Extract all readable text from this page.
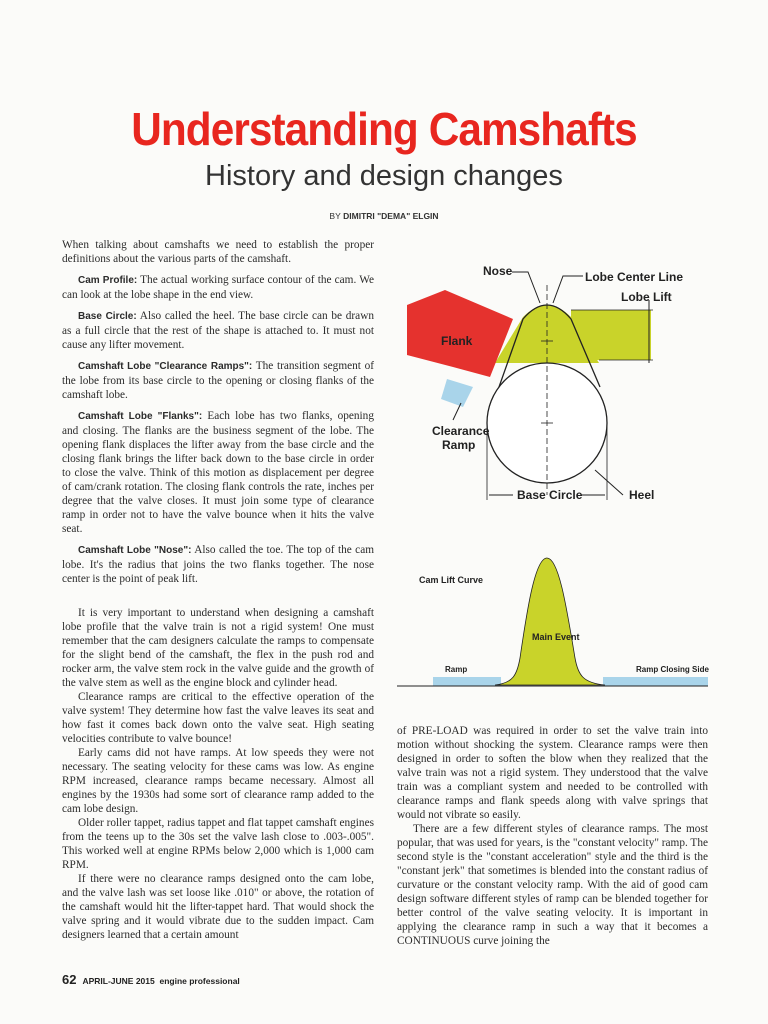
Understanding Camshafts
History and design changes
BY DIMITRI "DEMA" ELGIN

When talking about camshafts we need to establish the proper definitions about the various parts of the camshaft.

Cam Profile: The actual working surface contour of the cam. We can look at the lobe shape in the end view.

Base Circle: Also called the heel. The base circle can be drawn as a full circle that the rest of the shape is attached to. It must not cause any lifter movement.

Camshaft Lobe "Clearance Ramps": The transition segment of the lobe from its base circle to the opening or closing flanks of the camshaft lobe.

Camshaft Lobe "Flanks": Each lobe has two flanks, opening and closing. The flanks are the business segment of the lobe. The opening flank displaces the lifter away from the base circle and the closing flank brings the lifter back down to the base circle in order to close the valve. Think of this motion as displacement per degree of cam/crank rotation. The closing flank controls the rate, inches per degree that the valve closes. It must join some type of clearance ramp in order not to have the valve bounce when it hits the valve seat.

Camshaft Lobe "Nose": Also called the toe. The top of the cam lobe. It's the radius that joins the two flanks together. The nose center is the point of peak lift.

It is very important to understand when designing a camshaft lobe profile that the valve train is not a rigid system! One must remember that the cam designers calculate the ramps to compensate for the slight bend of the camshaft, the flex in the push rod and rocker arm, the valve stem rock in the valve guide and the growth of the valve stem as well as the engine block and cylinder head.

Clearance ramps are critical to the effective operation of the valve system! They determine how fast the valve leaves its seat and how fast it comes back down onto the valve seat. High seating velocities contribute to valve bounce!

Early cams did not have ramps. At low speeds they were not necessary. The seating velocity for these cams was low. As engine RPM increased, clearance ramps became necessary. Almost all engines by the 1930s had some sort of clearance ramp added to the cam lobe design.

Older roller tappet, radius tappet and flat tappet camshaft engines from the teens up to the 30s set the valve lash close to .003-.005". This worked well at engine RPMs below 2,000 which is 1,000 cam RPM.

If there were no clearance ramps designed onto the cam lobe, and the valve lash was set loose like .010" or above, the rotation of the camshaft would hit the lifter-tappet hard. That would shock the valve spring and it would vibrate due to the sudden impact. Cam designers learned that a certain amount

of PRE-LOAD was required in order to set the valve train into motion without shocking the system. Clearance ramps were then designed in order to soften the blow when they realized that the valve train was not a rigid system. They understood that the valve train was a compliant system and needed to be controlled with clearance ramps and flank speeds along with valve springs that would not vibrate so easily.

There are a few different styles of clearance ramps. The most popular, that was used for years, is the "constant velocity" ramp. The second style is the "constant acceleration" style and the third is the "constant jerk" that sometimes is blended into the constant radius of curvature or the constant velocity ramp. With the aid of good cam design software different styles of ramp can be blended together for better control of the valve seating velocity. It is important in applying the clearance ramp in such a way that it becomes a CONTINUOUS curve joining the

Nose	Lobe Center Line
Lobe Lift
Flank
Clearance
Ramp
Base Circle	Heel
Cam Lift Curve
Main Event
Ramp	Ramp Closing Side
62 APRIL-JUNE 2015 engine professional
